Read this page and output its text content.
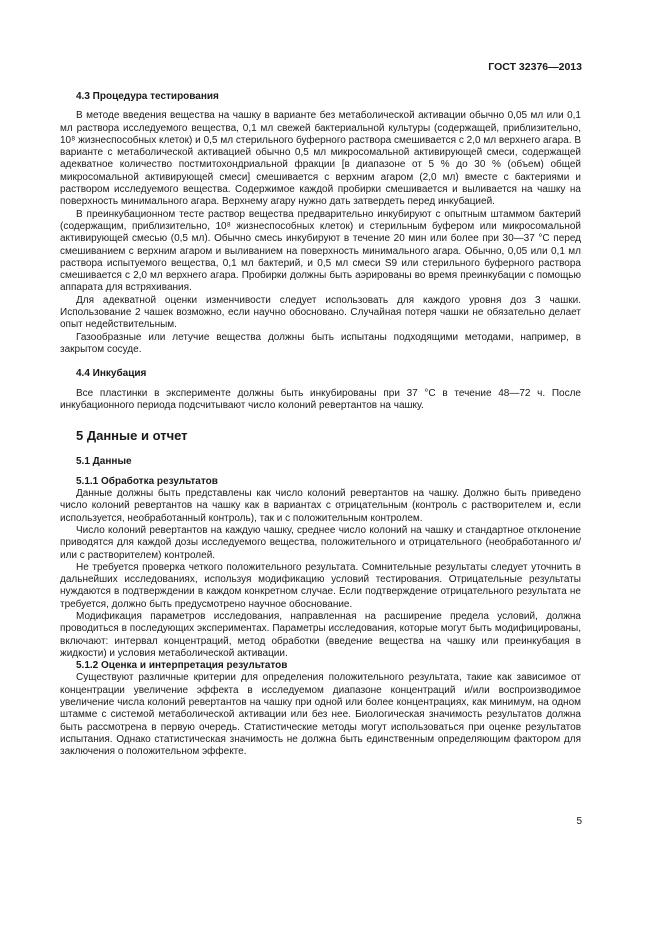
ГОСТ 32376—2013
4.3 Процедура тестирования

В методе введения вещества на чашку в варианте без метаболической активации обычно 0,05 мл или 0,1 мл раствора исследуемого вещества, 0,1 мл свежей бактериальной культуры (содержащей, приблизительно, 10⁸ жизнеспособных клеток) и 0,5 мл стерильного буферного раствора смешивается с 2,0 мл верхнего агара. В варианте с метаболической активацией обычно 0,5 мл микросомальной активирующей смеси, содержащей адекватное количество постмитохондриальной фракции [в диапазоне от 5 % до 30 % (объем) общей микросомальной активирующей смеси] смешивается с верхним агаром (2,0 мл) вместе с бактериями и раствором исследуемого вещества. Содержимое каждой пробирки смешивается и выливается на чашку на поверхность минимального агара. Верхнему агару нужно дать затвердеть перед инкубацией.

В преинкубационном тесте раствор вещества предварительно инкубируют с опытным штаммом бактерий (содержащим, приблизительно, 10⁸ жизнеспособных клеток) и стерильным буфером или микросомальной активирующей смесью (0,5 мл). Обычно смесь инкубируют в течение 20 мин или более при 30—37 °С перед смешиванием с верхним агаром и выливанием на поверхность минимального агара. Обычно, 0,05 или 0,1 мл раствора испытуемого вещества, 0,1 мл бактерий, и 0,5 мл смеси S9 или стерильного буферного раствора смешивается с 2,0 мл верхнего агара. Пробирки должны быть аэрированы во время преинкубации с помощью аппарата для встряхивания.

Для адекватной оценки изменчивости следует использовать для каждого уровня доз 3 чашки. Использование 2 чашек возможно, если научно обосновано. Случайная потеря чашки не обязательно делает опыт недействительным.

Газообразные или летучие вещества должны быть испытаны подходящими методами, например, в закрытом сосуде.

4.4 Инкубация

Все пластинки в эксперименте должны быть инкубированы при 37 °С в течение 48—72 ч. После инкубационного периода подсчитывают число колоний ревертантов на чашку.

5 Данные и отчет
5.1 Данные
5.1.1 Обработка результатов

Данные должны быть представлены как число колоний ревертантов на чашку. Должно быть приведено число колоний ревертантов на чашку как в вариантах с отрицательным (контроль с растворителем и, если используется, необработанный контроль), так и с положительным контролем.

Число колоний ревертантов на каждую чашку, среднее число колоний на чашку и стандартное отклонение приводятся для каждой дозы исследуемого вещества, положительного и отрицательного (необработанного и/или с растворителем) контролей.

Не требуется проверка четкого положительного результата. Сомнительные результаты следует уточнить в дальнейших исследованиях, используя модификацию условий тестирования. Отрицательные результаты нуждаются в подтверждении в каждом конкретном случае. Если подтверждение отрицательного результата не требуется, должно быть предусмотрено научное обоснование.

Модификация параметров исследования, направленная на расширение предела условий, должна проводиться в последующих экспериментах. Параметры исследования, которые могут быть модифицированы, включают: интервал концентраций, метод обработки (введение вещества на чашку или преинкубация в жидкости) и условия метаболической активации.

5.1.2 Оценка и интерпретация результатов

Существуют различные критерии для определения положительного результата, такие как зависимое от концентрации увеличение эффекта в исследуемом диапазоне концентраций и/или воспроизводимое увеличение числа колоний ревертантов на чашку при одной или более концентрациях, как минимум, на одном штамме с системой метаболической активации или без нее. Биологическая значимость результатов должна быть рассмотрена в первую очередь. Статистические методы могут использоваться при оценке результатов испытания. Однако статистическая значимость не должна быть единственным определяющим фактором для заключения о положительном эффекте.

5
